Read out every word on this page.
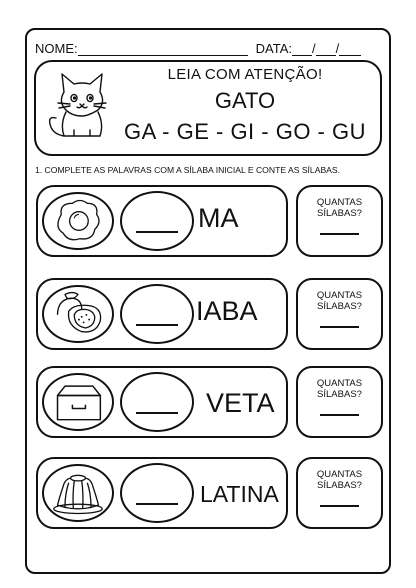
NOME:	DATA: / /
LEIA COM ATENÇÃO!
GATO
GA - GE - GI - GO - GU
1. COMPLETE AS PALAVRAS COM A SÍLABA INICIAL E CONTE AS SÍLABAS.
MA
QUANTAS
SÍLABAS?
IABA
QUANTAS
SÍLABAS?
VETA
QUANTAS
SÍLABAS?
LATINA
QUANTAS
SÍLABAS?
